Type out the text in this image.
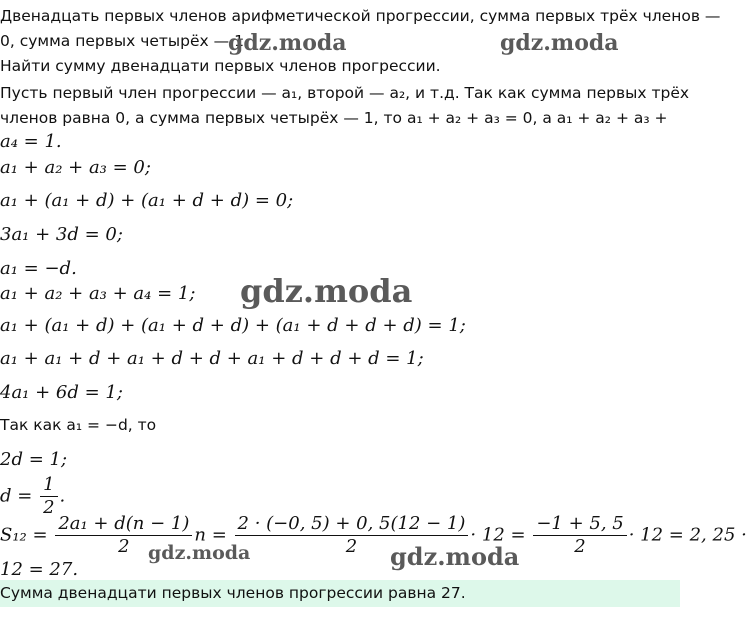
Двенадцать первых членов арифметической прогрессии, сумма первых трёх членов —
0, сумма первых четырёх — 1.
Найти сумму двенадцати первых членов прогрессии.
Пусть первый член прогрессии — a₁, второй — a₂, и т.д. Так как сумма первых трёх
членов равна 0, а сумма первых четырёх — 1, то a₁ + a₂ + a₃ = 0, а a₁ + a₂ + a₃ +
a₄ = 1.
a₁ + a₂ + a₃ = 0;
a₁ + (a₁ + d) + (a₁ + d + d) = 0;
3a₁ + 3d = 0;
a₁ = −d.
a₁ + a₂ + a₃ + a₄ = 1;
a₁ + (a₁ + d) + (a₁ + d + d) + (a₁ + d + d + d) = 1;
a₁ + a₁ + d + a₁ + d + d + a₁ + d + d + d = 1;
4a₁ + 6d = 1;
Так как a₁ = −d, то
2d = 1;
$d = \frac{1}{2}$ .
$S_{12} = \frac{\text{2a₁ + d(n − 1)}}{2}$ $n = \frac{2 \cdot (-0, 5) + 0, 5(12 - 1)}{2} \cdot 12 = \frac{-1 + 5, 5}{2} \cdot 12 = 2$, 25 ·
12 = 27.
Сумма двенадцати первых членов прогрессии равна 27.
gdz.moda	gdz.moda
gdz.moda
gdz.moda	gdz.moda
